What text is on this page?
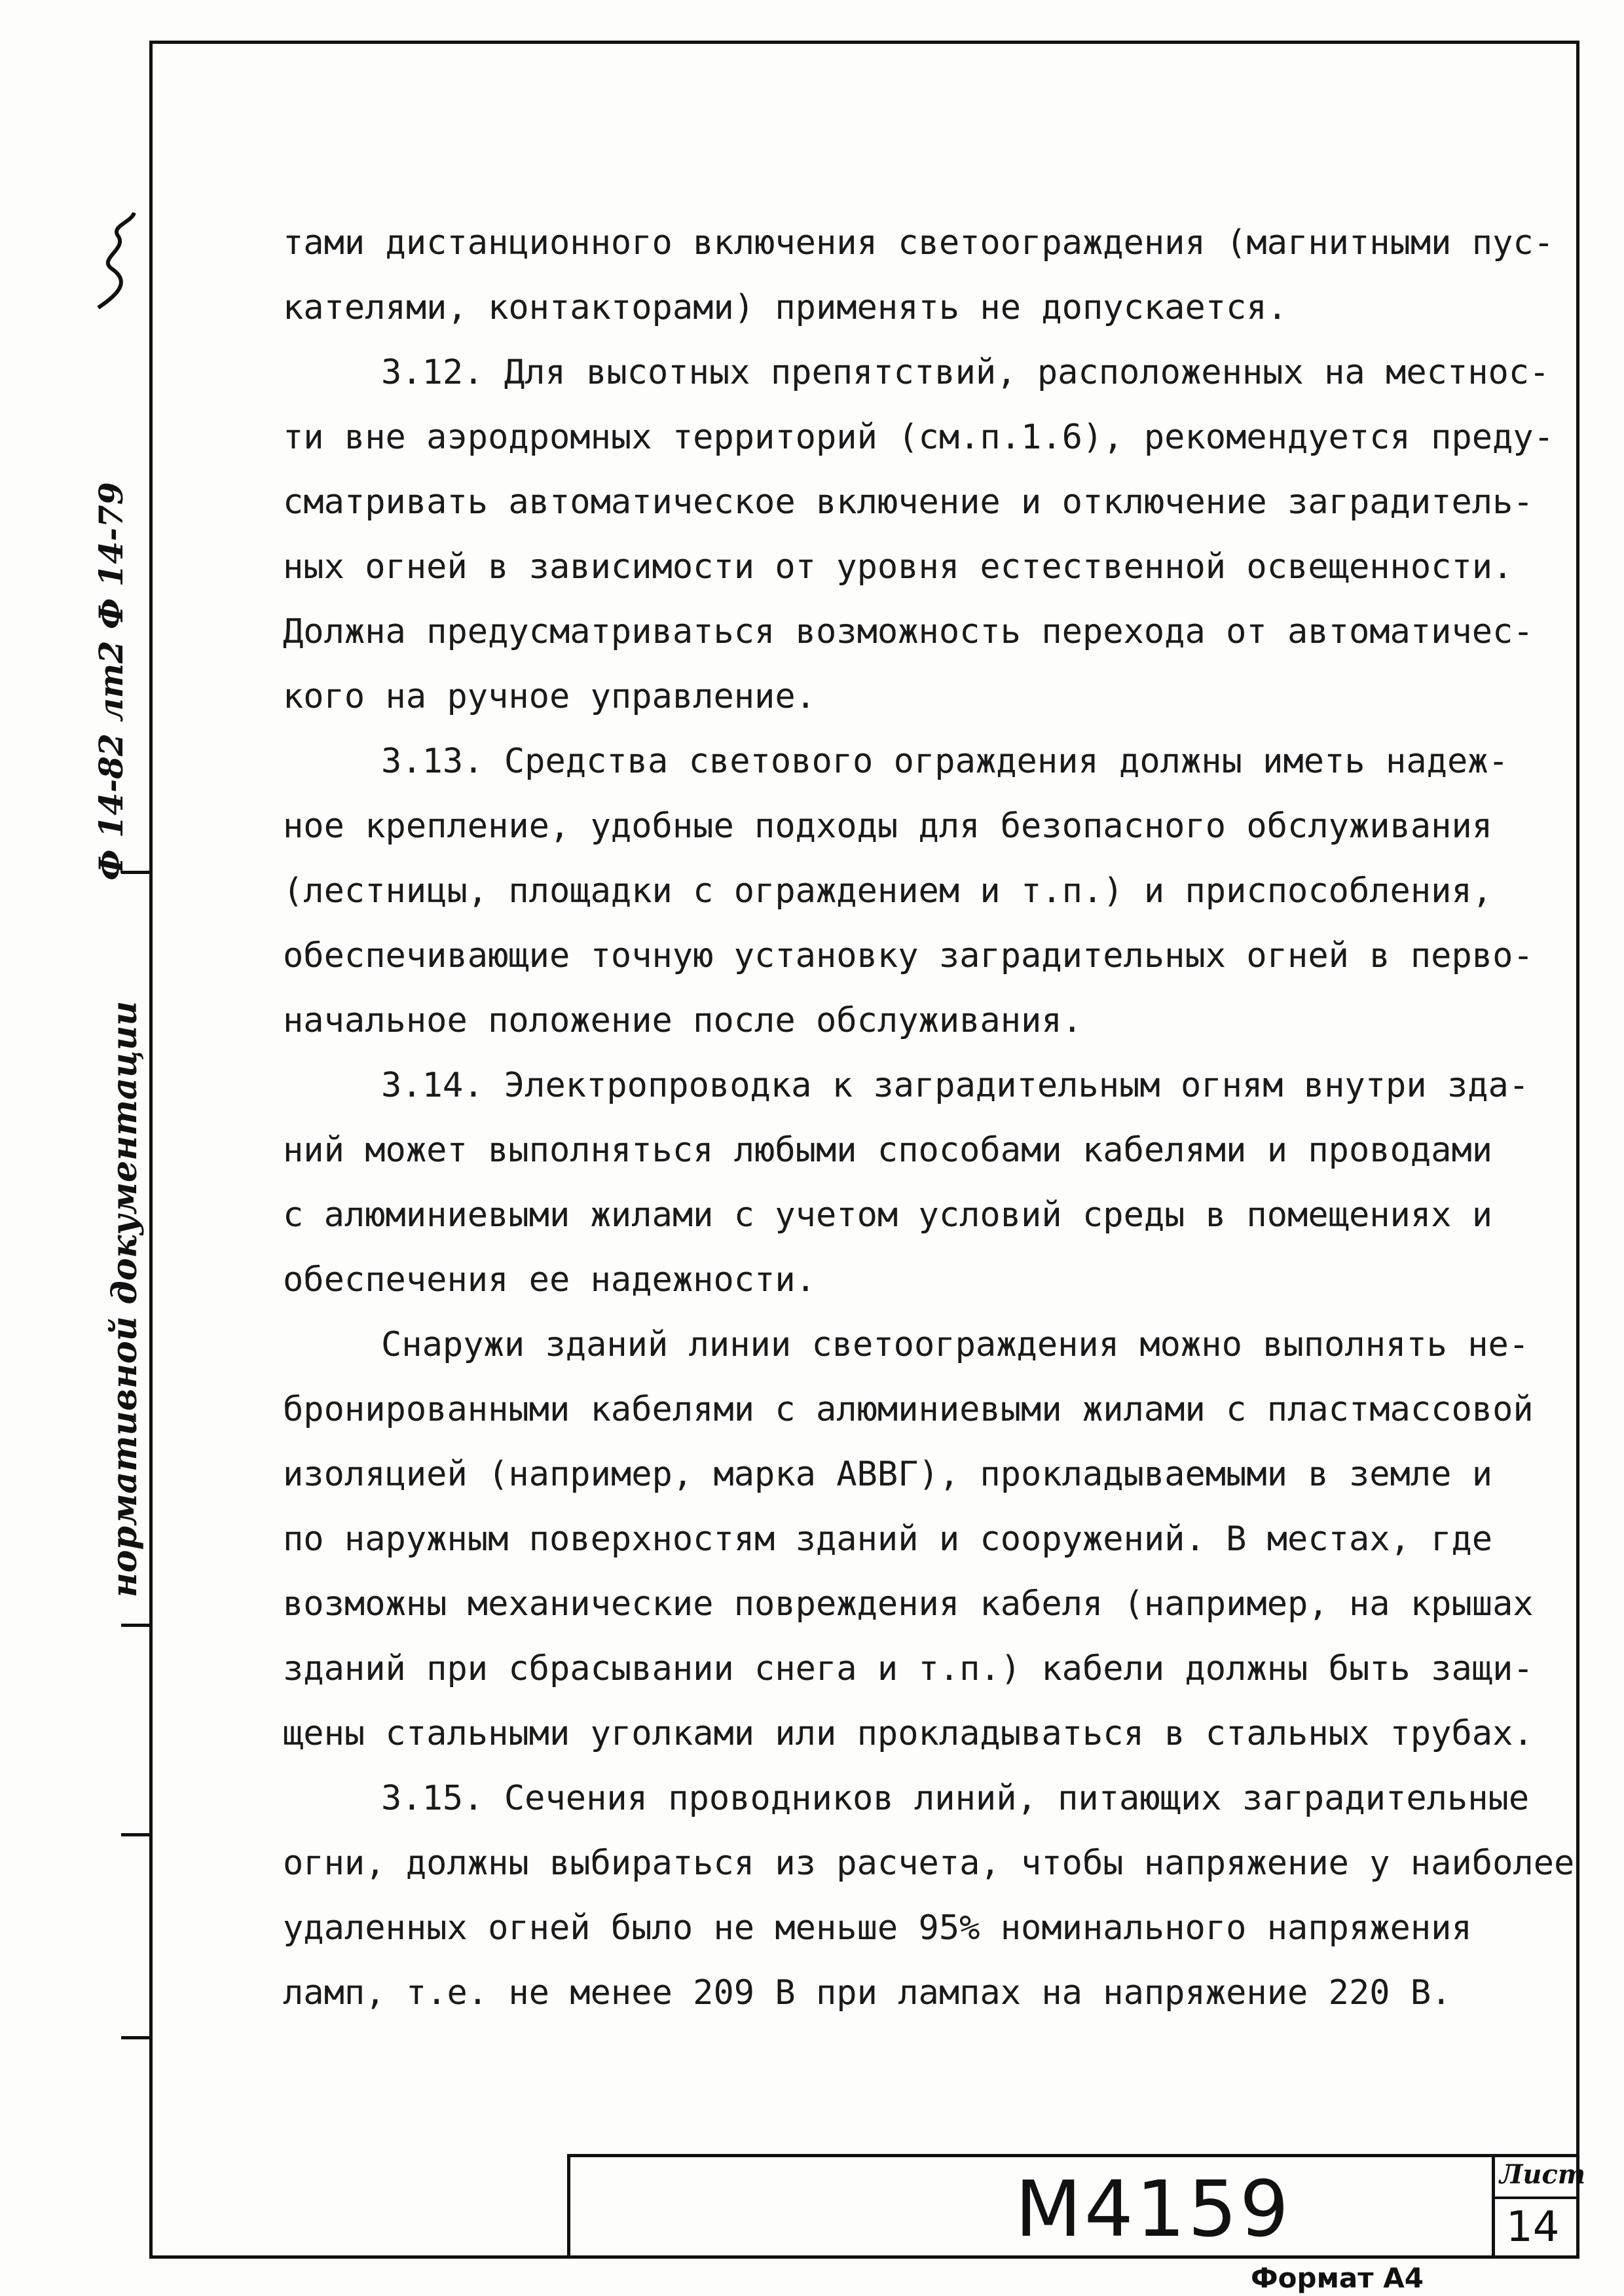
Ф 14-82 лт2 Ф 14-79
нормативной документации
тами дистанционного включения светоограждения (магнитными пус-
кателями, контакторами) применять не допускается.
3.12. Для высотных препятствий, расположенных на местнос-
ти вне аэродромных территорий (см.п.1.6), рекомендуется преду-
сматривать автоматическое включение и отключение заградитель-
ных огней в зависимости от уровня естественной освещенности.
Должна предусматриваться возможность перехода от автоматичес-
кого на ручное управление.
3.13. Средства светового ограждения должны иметь надеж-
ное крепление, удобные подходы для безопасного обслуживания
(лестницы, площадки с ограждением и т.п.) и приспособления,
обеспечивающие точную установку заградительных огней в перво-
начальное положение после обслуживания.
3.14. Электропроводка к заградительным огням внутри зда-
ний может выполняться любыми способами кабелями и проводами
с алюминиевыми жилами с учетом условий среды в помещениях и
обеспечения ее надежности.
Снаружи зданий линии светоограждения можно выполнять не-
бронированными кабелями с алюминиевыми жилами с пластмассовой
изоляцией (например, марка АВВГ), прокладываемыми в земле и
по наружным поверхностям зданий и сооружений. В местах, где
возможны механические повреждения кабеля (например, на крышах
зданий при сбрасывании снега и т.п.) кабели должны быть защи-
щены стальными уголками или прокладываться в стальных трубах.
3.15. Сечения проводников линий, питающих заградительные
огни, должны выбираться из расчета, чтобы напряжение у наиболее
удаленных огней было не меньше 95% номинального напряжения
ламп, т.е. не менее 209 В при лампах на напряжение 220 В.
М4159	Лист
14
Формат А4
